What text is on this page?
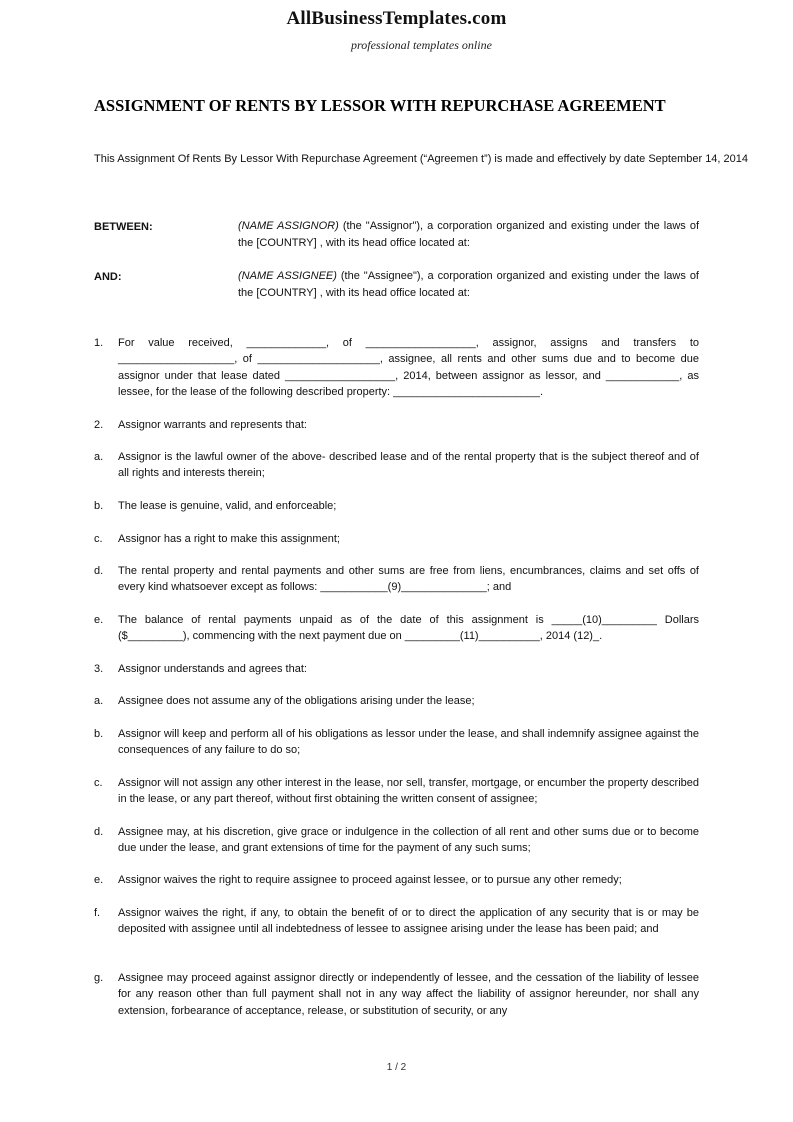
AllBusinessTemplates.com
professional templates online
ASSIGNMENT OF RENTS BY LESSOR WITH REPURCHASE AGREEMENT
This Assignment Of Rents By Lessor With Repurchase Agreement (“Agreemen t”) is made and effectively by date September 14, 2014
BETWEEN:	(NAME ASSIGNOR) (the "Assignor"), a corporation organized and existing under the laws of the [COUNTRY] , with its head office located at:
AND:	(NAME ASSIGNEE) (the "Assignee"), a corporation organized and existing under the laws of the [COUNTRY] , with its head office located at:
1. For value received, _____________, of __________________, assignor, assigns and transfers to ___________________, of ____________________, assignee, all rents and other sums due and to become due assignor under that lease dated __________________, 2014, between assignor as lessor, and ____________, as lessee, for the lease of the following described property: ________________________.
2. Assignor warrants and represents that:
a. Assignor is the lawful owner of the above- described lease and of the rental property that is the subject thereof and of all rights and interests therein;
b. The lease is genuine, valid, and enforceable;
c. Assignor has a right to make this assignment;
d. The rental property and rental payments and other sums are free from liens, encumbrances, claims and set offs of every kind whatsoever except as follows: ___________(9)______________; and
e. The balance of rental payments unpaid as of the date of this assignment is _____(10)_________ Dollars ($_________), commencing with the next payment due on _________(11)__________, 2014 (12)_.
3. Assignor understands and agrees that:
a. Assignee does not assume any of the obligations arising under the lease;
b. Assignor will keep and perform all of his obligations as lessor under the lease, and shall indemnify assignee against the consequences of any failure to do so;
c. Assignor will not assign any other interest in the lease, nor sell, transfer, mortgage, or encumber the property described in the lease, or any part thereof, without first obtaining the written consent of assignee;
d. Assignee may, at his discretion, give grace or indulgence in the collection of all rent and other sums due or to become due under the lease, and grant extensions of time for the payment of any such sums;
e. Assignor waives the right to require assignee to proceed against lessee, or to pursue any other remedy;
f. Assignor waives the right, if any, to obtain the benefit of or to direct the application of any security that is or may be deposited with assignee until all indebtedness of lessee to assignee arising under the lease has been paid; and
g. Assignee may proceed against assignor directly or independently of lessee, and the cessation of the liability of lessee for any reason other than full payment shall not in any way affect the liability of assignor hereunder, nor shall any extension, forbearance of acceptance, release, or substitution of security, or any
1 / 2
